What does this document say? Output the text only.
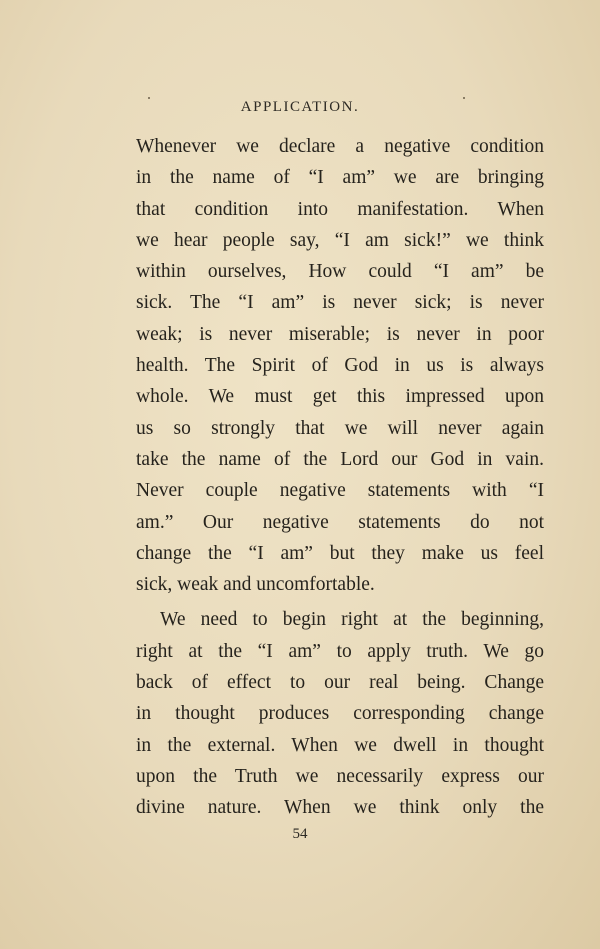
APPLICATION.
Whenever we declare a negative condition
in the name of “I am” we are bringing
that condition into manifestation. When
we hear people say, “I am sick!” we think
within ourselves, How could “I am” be
sick. The “I am” is never sick; is never
weak; is never miserable; is never in poor
health. The Spirit of God in us is always
whole. We must get this impressed upon
us so strongly that we will never again
take the name of the Lord our God in vain.
Never couple negative statements with “I
am.” Our negative statements do not
change the “I am” but they make us feel
sick, weak and uncomfortable.
We need to begin right at the beginning,
right at the “I am” to apply truth. We go
back of effect to our real being. Change
in thought produces corresponding change
in the external. When we dwell in thought
upon the Truth we necessarily express our
divine nature. When we think only the
54
